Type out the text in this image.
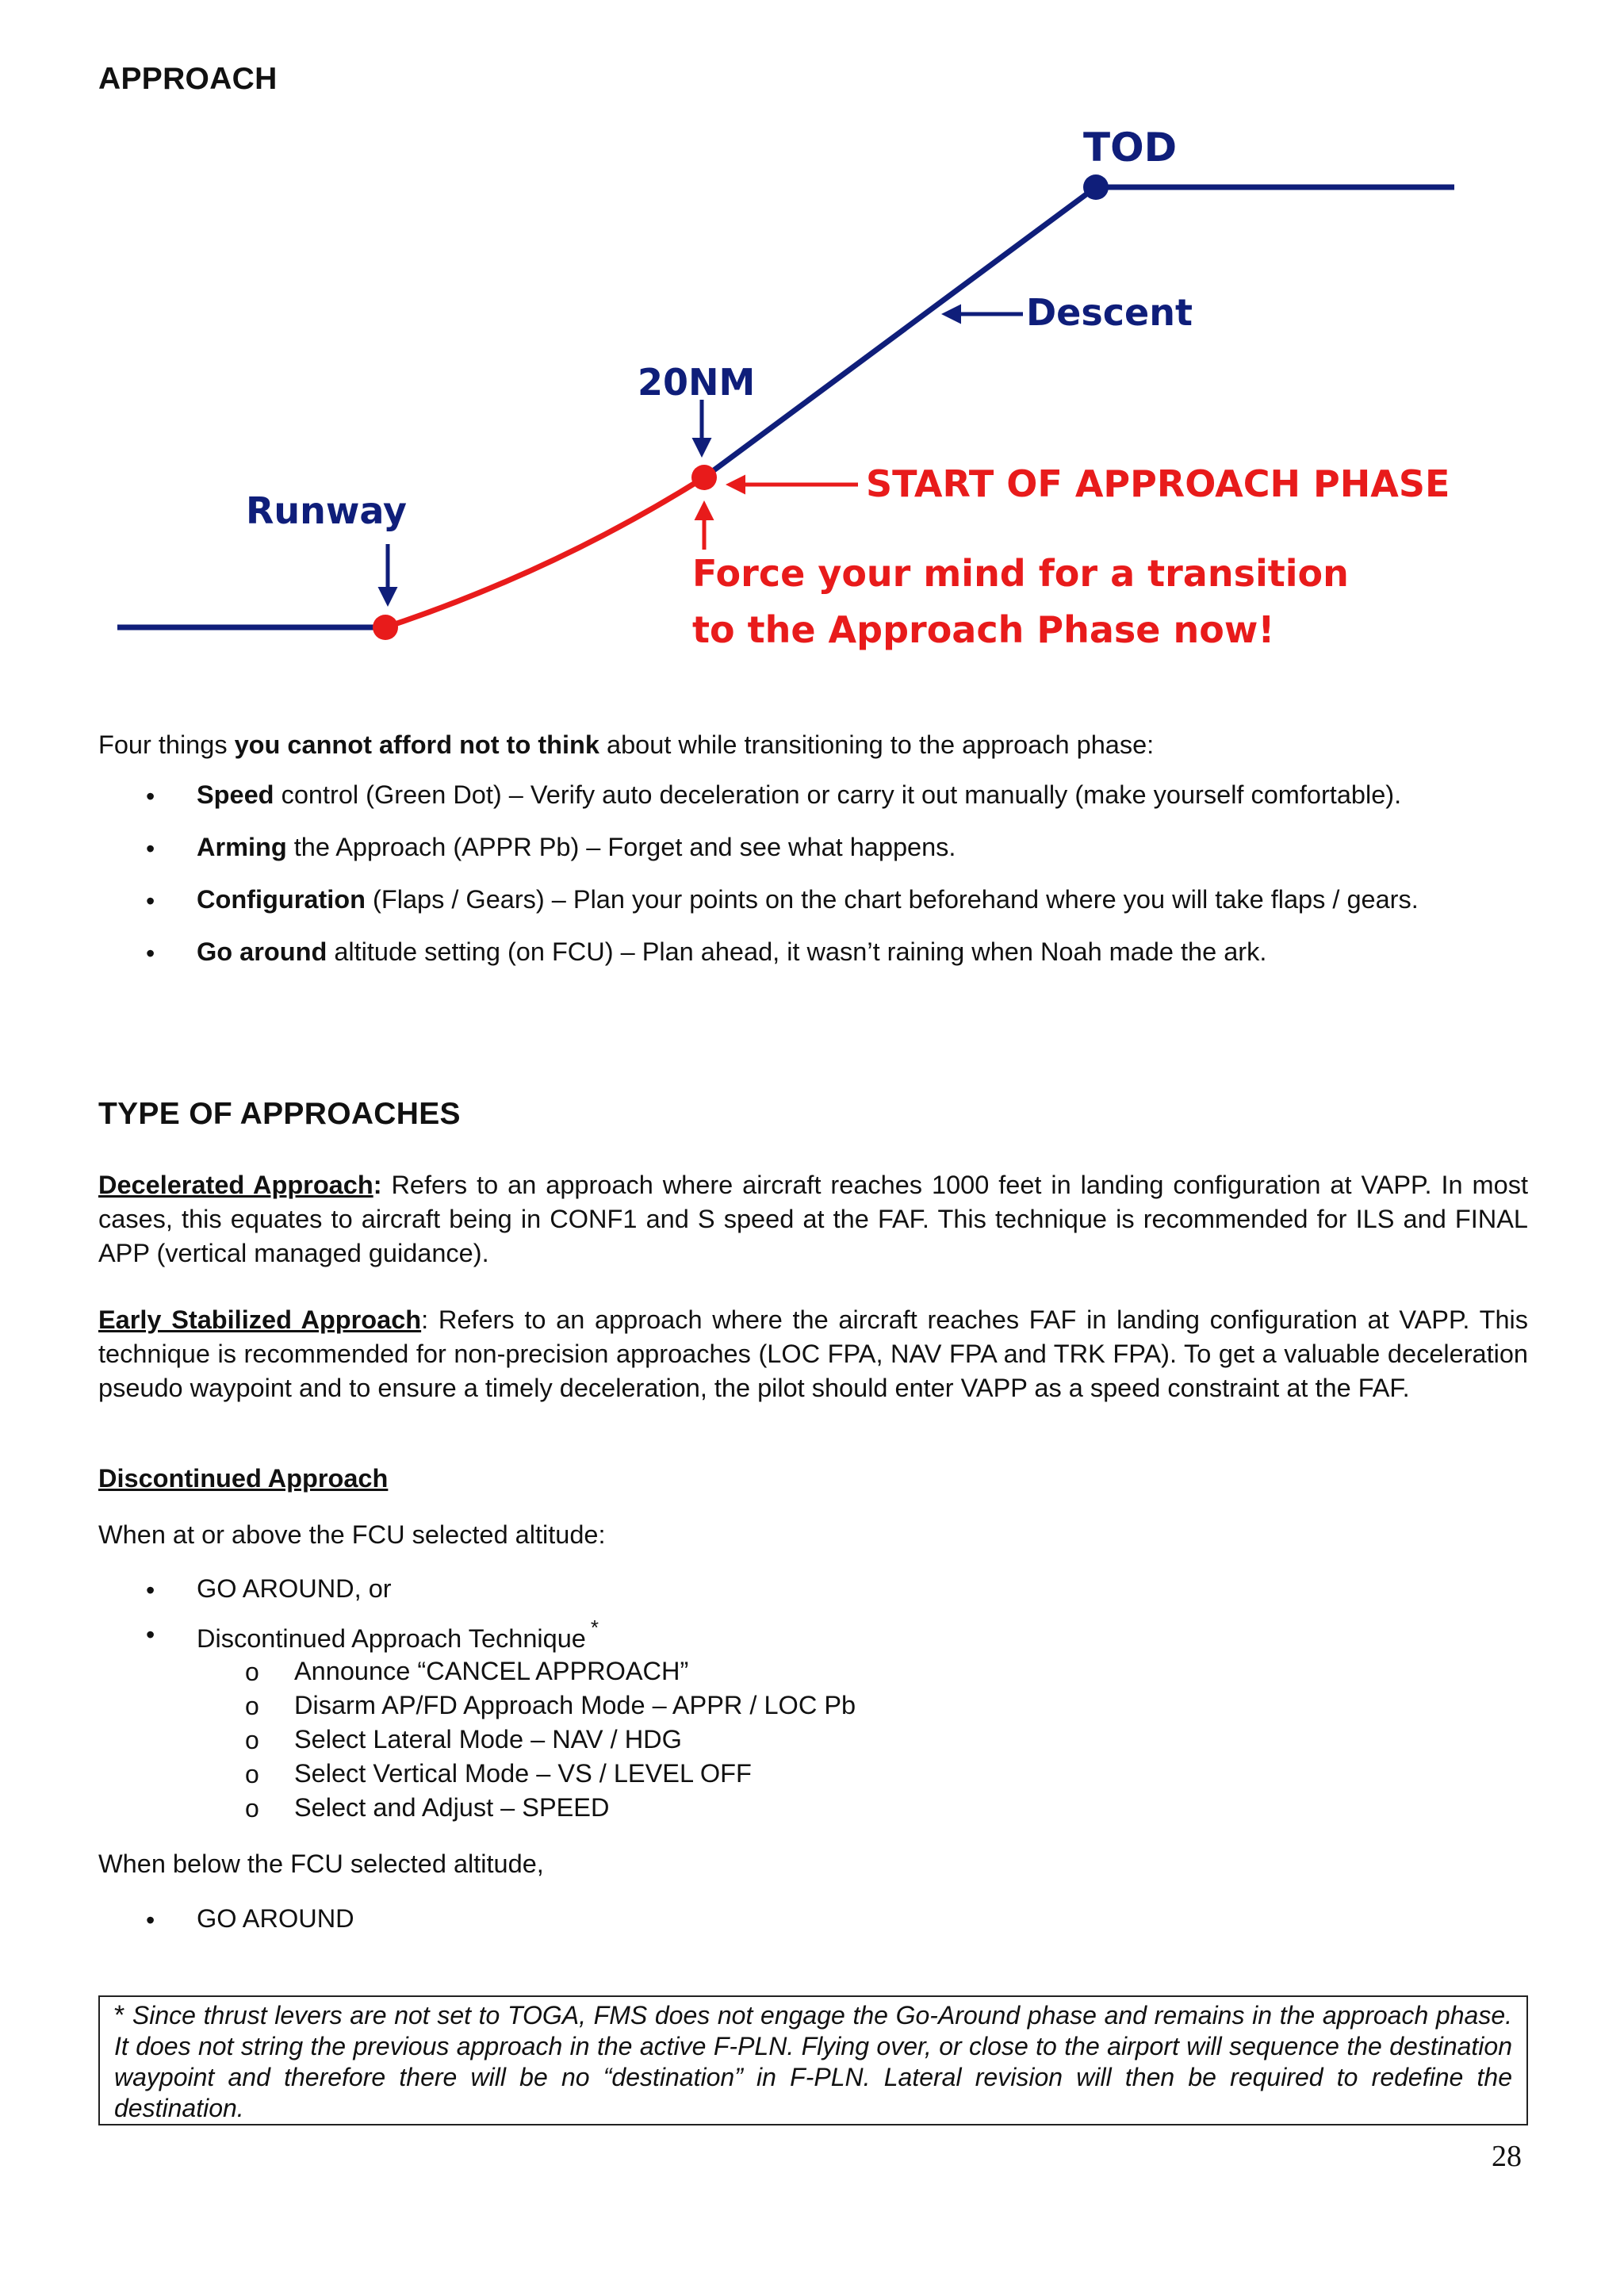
APPROACH
TOD
Descent
20NM
START OF APPROACH PHASE
Runway
Force your mind for a transition
to the Approach Phase now!
Four things you cannot afford not to think about while transitioning to the approach phase:
• Speed control (Green Dot) – Verify auto deceleration or carry it out manually (make yourself comfortable).
• Arming the Approach (APPR Pb) – Forget and see what happens.
• Configuration (Flaps / Gears) – Plan your points on the chart beforehand where you will take flaps / gears.
• Go around altitude setting (on FCU) – Plan ahead, it wasn’t raining when Noah made the ark.
TYPE OF APPROACHES
Decelerated Approach: Refers to an approach where aircraft reaches 1000 feet in landing configuration at VAPP. In most cases, this equates to aircraft being in CONF1 and S speed at the FAF. This technique is recommended for ILS and FINAL APP (vertical managed guidance).
Early Stabilized Approach: Refers to an approach where the aircraft reaches FAF in landing configuration at VAPP. This technique is recommended for non-precision approaches (LOC FPA, NAV FPA and TRK FPA). To get a valuable deceleration pseudo waypoint and to ensure a timely deceleration, the pilot should enter VAPP as a speed constraint at the FAF.
Discontinued Approach
When at or above the FCU selected altitude:
• GO AROUND, or
• Discontinued Approach Technique *
o Announce “CANCEL APPROACH”
o Disarm AP/FD Approach Mode – APPR / LOC Pb
o Select Lateral Mode – NAV / HDG
o Select Vertical Mode – VS / LEVEL OFF
o Select and Adjust – SPEED
When below the FCU selected altitude,
• GO AROUND
* Since thrust levers are not set to TOGA, FMS does not engage the Go-Around phase and remains in the approach phase. It does not string the previous approach in the active F-PLN. Flying over, or close to the airport will sequence the destination waypoint and therefore there will be no “destination” in F-PLN. Lateral revision will then be required to redefine the destination.
28
